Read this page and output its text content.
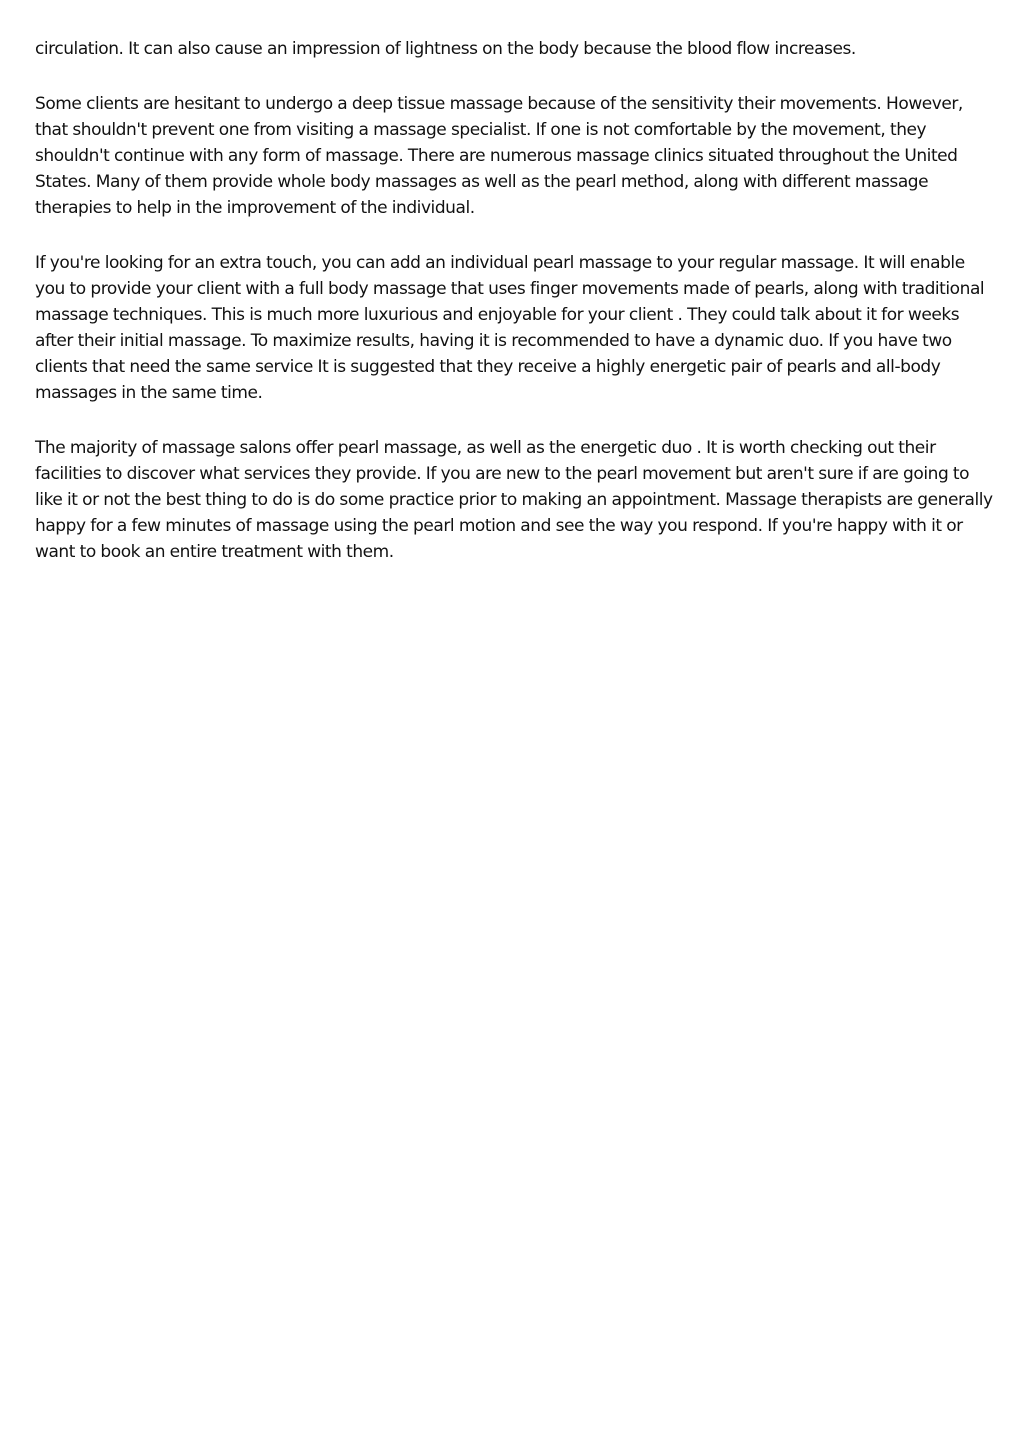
circulation. It can also cause an impression of lightness on the body because the blood flow increases.

Some clients are hesitant to undergo a deep tissue massage because of the sensitivity their movements. However, that shouldn't prevent one from visiting a massage specialist. If one is not comfortable by the movement, they shouldn't continue with any form of massage. There are numerous massage clinics situated throughout the United States. Many of them provide whole body massages as well as the pearl method, along with different massage therapies to help in the improvement of the individual.

If you're looking for an extra touch, you can add an individual pearl massage to your regular massage. It will enable you to provide your client with a full body massage that uses finger movements made of pearls, along with traditional massage techniques. This is much more luxurious and enjoyable for your client . They could talk about it for weeks after their initial massage. To maximize results, having it is recommended to have a dynamic duo. If you have two clients that need the same service It is suggested that they receive a highly energetic pair of pearls and all-body massages in the same time.

The majority of massage salons offer pearl massage, as well as the energetic duo . It is worth checking out their facilities to discover what services they provide. If you are new to the pearl movement but aren't sure if are going to like it or not the best thing to do is do some practice prior to making an appointment. Massage therapists are generally happy for a few minutes of massage using the pearl motion and see the way you respond. If you're happy with it or want to book an entire treatment with them.
